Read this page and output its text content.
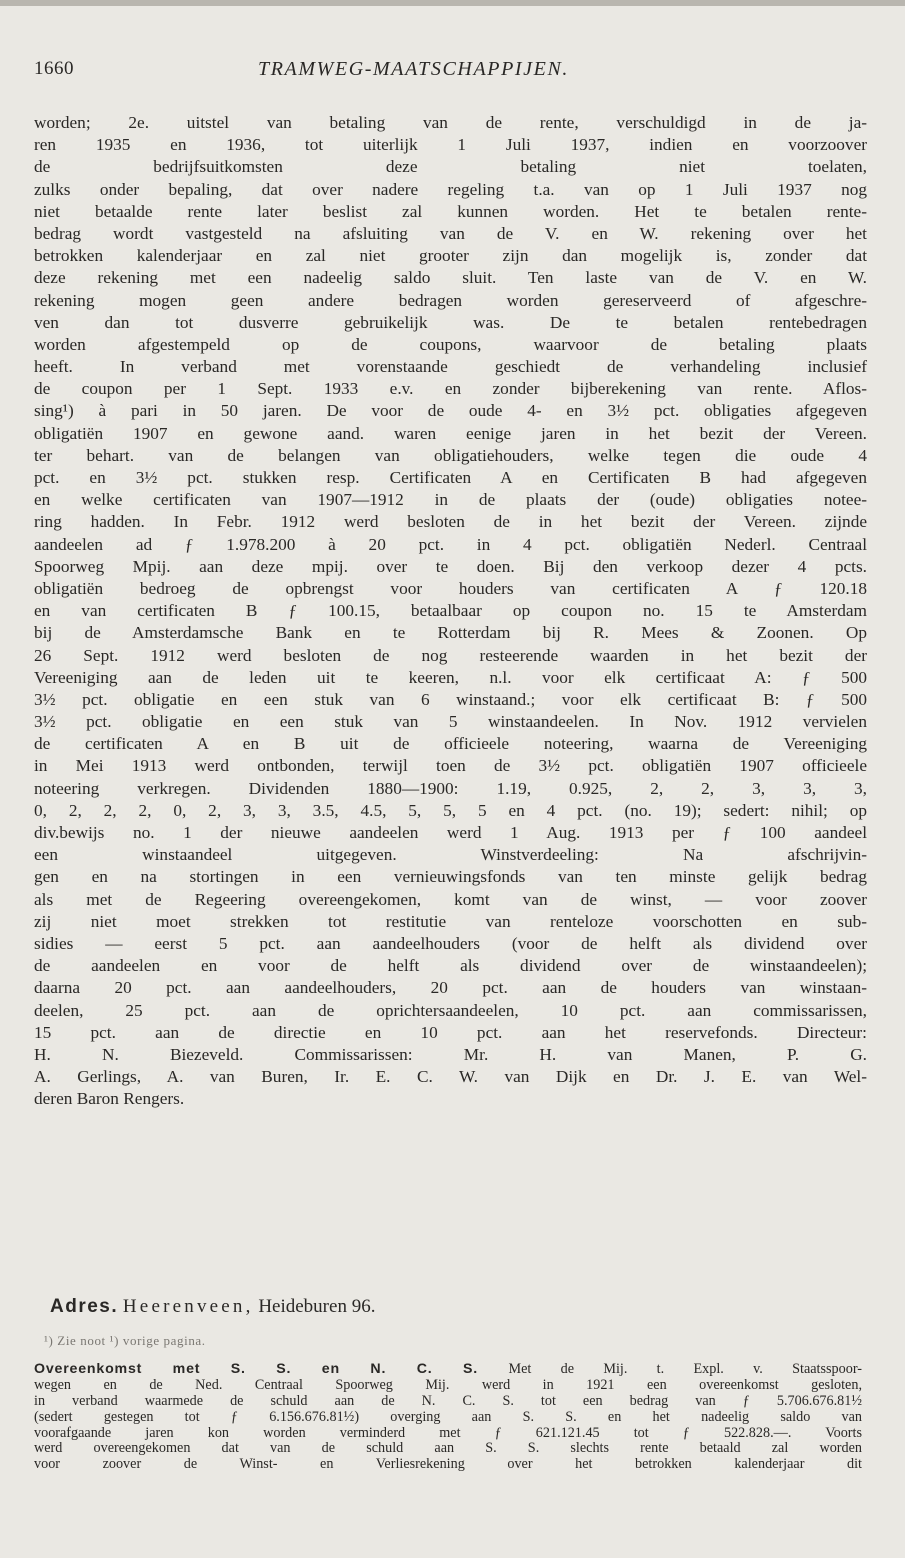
1660	TRAMWEG-MAATSCHAPPIJEN.
worden; 2e. uitstel van betaling van de rente, verschuldigd in de ja-
ren 1935 en 1936, tot uiterlijk 1 Juli 1937, indien en voorzoover
de bedrijfsuitkomsten deze betaling niet toelaten,
zulks onder bepaling, dat over nadere regeling t.a. van op 1 Juli 1937 nog
niet betaalde rente later beslist zal kunnen worden. Het te betalen rente-
bedrag wordt vastgesteld na afsluiting van de V. en W. rekening over het
betrokken kalenderjaar en zal niet grooter zijn dan mogelijk is, zonder dat
deze rekening met een nadeelig saldo sluit. Ten laste van de V. en W.
rekening mogen geen andere bedragen worden gereserveerd of afgeschre-
ven dan tot dusverre gebruikelijk was. De te betalen rentebedragen
worden afgestempeld op de coupons, waarvoor de betaling plaats
heeft. In verband met vorenstaande geschiedt de verhandeling inclusief
de coupon per 1 Sept. 1933 e.v. en zonder bijberekening van rente. Aflos-
sing¹) à pari in 50 jaren. De voor de oude 4- en 3½ pct. obligaties afgegeven
obligatiën 1907 en gewone aand. waren eenige jaren in het bezit der Vereen.
ter behart. van de belangen van obligatiehouders, welke tegen die oude 4
pct. en 3½ pct. stukken resp. Certificaten A en Certificaten B had afgegeven
en welke certificaten van 1907—1912 in de plaats der (oude) obligaties notee-
ring hadden. In Febr. 1912 werd besloten de in het bezit der Vereen. zijnde
aandeelen ad ƒ 1.978.200 à 20 pct. in 4 pct. obligatiën Nederl. Centraal
Spoorweg Mpij. aan deze mpij. over te doen. Bij den verkoop dezer 4 pcts.
obligatiën bedroeg de opbrengst voor houders van certificaten A ƒ 120.18
en van certificaten B ƒ 100.15, betaalbaar op coupon no. 15 te Amsterdam
bij de Amsterdamsche Bank en te Rotterdam bij R. Mees & Zoonen. Op
26 Sept. 1912 werd besloten de nog resteerende waarden in het bezit der
Vereeniging aan de leden uit te keeren, n.l. voor elk certificaat A: ƒ 500
3½ pct. obligatie en een stuk van 6 winstaand.; voor elk certificaat B: ƒ 500
3½ pct. obligatie en een stuk van 5 winstaandeelen. In Nov. 1912 vervielen
de certificaten A en B uit de officieele noteering, waarna de Vereeniging
in Mei 1913 werd ontbonden, terwijl toen de 3½ pct. obligatiën 1907 officieele
noteering verkregen. Dividenden 1880—1900: 1.19, 0.925, 2, 2, 3, 3, 3,
0, 2, 2, 2, 0, 2, 3, 3, 3.5, 4.5, 5, 5, 5 en 4 pct. (no. 19); sedert: nihil; op
div.bewijs no. 1 der nieuwe aandeelen werd 1 Aug. 1913 per ƒ 100 aandeel
een winstaandeel uitgegeven. Winstverdeeling: Na afschrijvin-
gen en na stortingen in een vernieuwingsfonds van ten minste gelijk bedrag
als met de Regeering overeengekomen, komt van de winst, — voor zoover
zij niet moet strekken tot restitutie van renteloze voorschotten en sub-
sidies — eerst 5 pct. aan aandeelhouders (voor de helft als dividend over
de aandeelen en voor de helft als dividend over de winstaandeelen);
daarna 20 pct. aan aandeelhouders, 20 pct. aan de houders van winstaan-
deelen, 25 pct. aan de oprichtersaandeelen, 10 pct. aan commissarissen,
15 pct. aan de directie en 10 pct. aan het reservefonds. Directeur:
H. N. Biezeveld. Commissarissen: Mr. H. van Manen, P. G.
A. Gerlings, A. van Buren, Ir. E. C. W. van Dijk en Dr. J. E. van Wel-
deren Baron Rengers.
Adres. Heerenveen, Heideburen 96.
¹) Zie noot ¹) vorige pagina.
Overeenkomst met S. S. en N. C. S. Met de Mij. t. Expl. v. Staatsspoor-
wegen en de Ned. Centraal Spoorweg Mij. werd in 1921 een overeenkomst gesloten,
in verband waarmede de schuld aan de N. C. S. tot een bedrag van ƒ 5.706.676.81½
(sedert gestegen tot ƒ 6.156.676.81½) overging aan S. S. en het nadeelig saldo van
voorafgaande jaren kon worden verminderd met ƒ 621.121.45 tot ƒ 522.828.—. Voorts
werd overeengekomen dat van de schuld aan S. S. slechts rente betaald zal worden
voor zoover de Winst- en Verliesrekening over het betrokken kalenderjaar dit
